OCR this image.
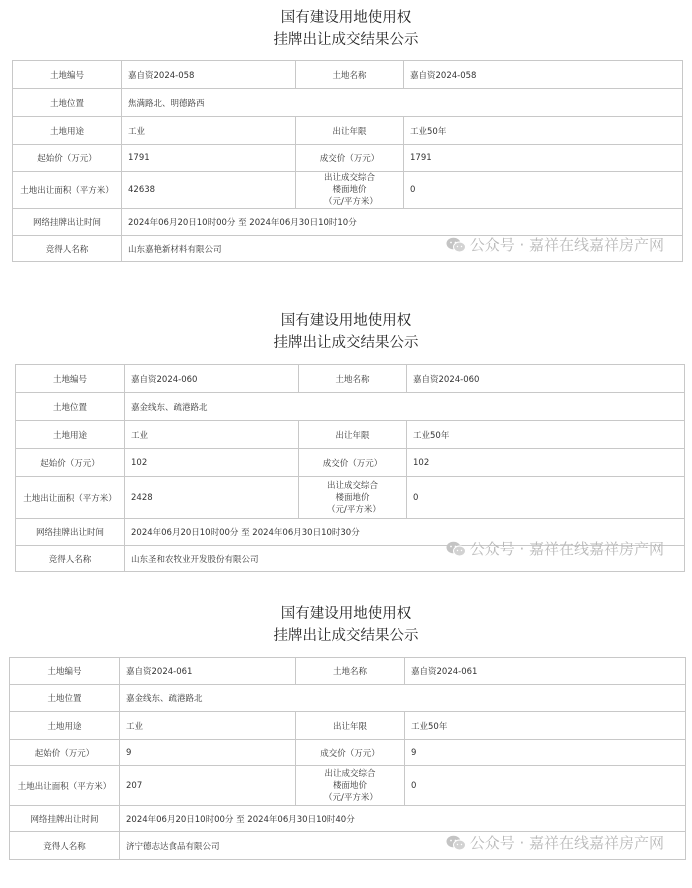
国有建设用地使用权
挂牌出让成交结果公示
土地编号	嘉自资2024-058	土地名称	嘉自资2024-058
土地位置	焦满路北、明德路西		
土地用途	工业	出让年限	工业50年
起始价（万元）	1791	成交价（万元）	1791
土地出让面积（平方米）	42638	出让成交综合楼面地价（元/平方米）	0
网络挂牌出让时间	2024年06月20日10时00分 至 2024年06月30日10时10分		
竞得人名称	山东嘉艳新材料有限公司			公众号 · 嘉祥在线嘉祥房产网
国有建设用地使用权
挂牌出让成交结果公示
土地编号	嘉自资2024-060	土地名称	嘉自资2024-060
土地位置	嘉金线东、疏港路北		
土地用途	工业	出让年限	工业50年
起始价（万元）	102	成交价（万元）	102
土地出让面积（平方米）	2428	出让成交综合楼面地价（元/平方米）	0
网络挂牌出让时间	2024年06月20日10时00分 至 2024年06月30日10时30分		
竞得人名称	山东圣和农牧业开发股份有限公司		
公众号 · 嘉祥在线嘉祥房产网
国有建设用地使用权
挂牌出让成交结果公示
土地编号	嘉自资2024-061	土地名称	嘉自资2024-061
土地位置	嘉金线东、疏港路北		
土地用途	工业	出让年限	工业50年
起始价（万元）	9	成交价（万元）	9
土地出让面积（平方米）	207	出让成交综合楼面地价（元/平方米）	0
网络挂牌出让时间	2024年06月20日10时00分 至 2024年06月30日10时40分		
竞得人名称	济宁德志达食品有限公司			公众号 · 嘉祥在线嘉祥房产网
